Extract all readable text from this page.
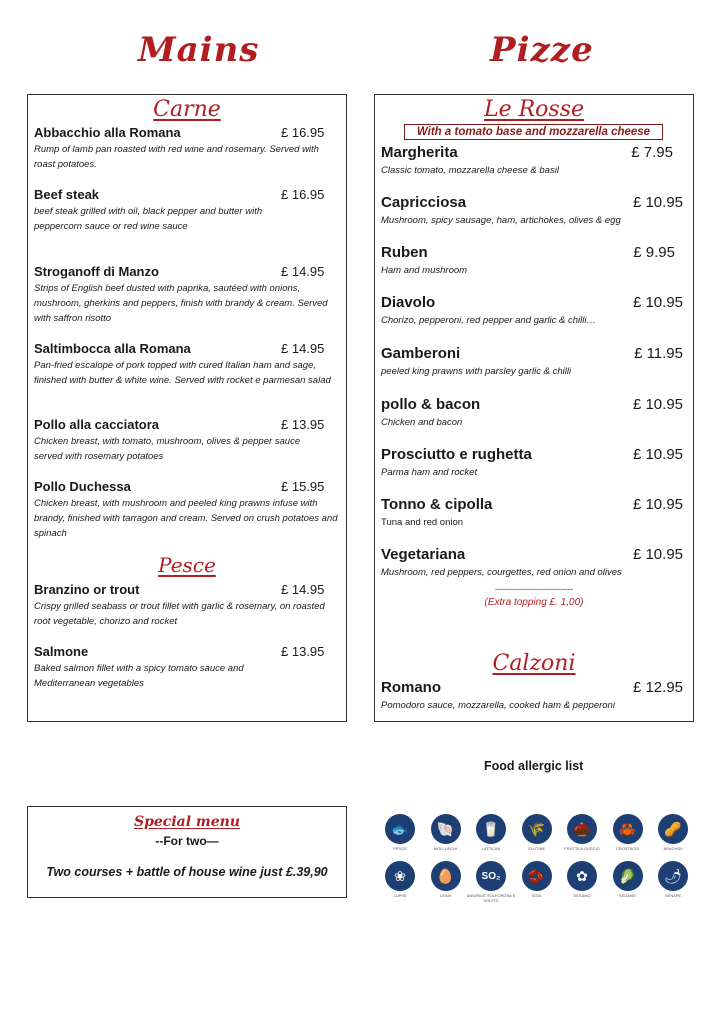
Mains	Pizze
Carne
Abbacchio alla Romana	£ 16.95
Rump of lamb pan roasted with red wine and rosemary. Served with roast potatoes.
Beef steak	£ 16.95
beef steak grilled with oil, black pepper and butter with peppercorn sauce or red wine sauce
Stroganoff di Manzo	£ 14.95
Strips of English beef dusted with paprika, sautéed with onions, mushroom, gherkins and peppers, finish with brandy & cream. Served with saffron risotto
Saltimbocca alla Romana	£ 14.95
Pan-fried escalope of pork topped with cured Italian ham and sage, finished with butter & white wine. Served with rocket e parmesan salad
Pollo alla cacciatora	£ 13.95
Chicken breast, with tomato, mushroom, olives & pepper sauce served with rosemary potatoes
Pollo Duchessa	£ 15.95
Chicken breast, with mushroom and peeled king prawns infuse with brandy, finished with tarragon and cream. Served on crush potatoes and spinach
Pesce
Branzino or trout	£ 14.95
Crispy grilled seabass or trout fillet with garlic & rosemary, on roasted root vegetable, chorizo and rocket
Salmone	£ 13.95
Baked salmon fillet with a spicy tomato sauce and Mediterranean vegetables
Le Rosse
With a tomato base and mozzarella cheese
Margherita	£ 7.95
Classic tomato, mozzarella cheese & basil
Capricciosa	£ 10.95
Mushroom, spicy sausage, ham, artichokes, olives & egg
Ruben	£ 9.95
Ham and mushroom
Diavolo	£ 10.95
Chorizo, pepperoni, red pepper and garlic & chilli…
Gamberoni	£ 11.95
peeled king prawns with parsley garlic & chilli
pollo & bacon	£ 10.95
Chicken and bacon
Prosciutto e rughetta	£ 10.95
Parma ham and rocket
Tonno & cipolla	£ 10.95
Tuna and red onion
Vegetariana	£ 10.95
Mushroom, red peppers, courgettes, red onion and olives
--------------------------
(Extra topping £. 1,00)
Calzoni
Romano	£ 12.95
Pomodoro sauce, mozzarella, cooked ham & pepperoni
Special menu
--For two—
Two courses + battle of house wine just £.39,90
Food allergic list
🐟
PESCE
🐚
MOLLUSCHI
🥛
LATTICINI
🌾
GLUTINE
🌰
FRUTTA A GUSCIO
🦀
CROSTACEI
🥜
ARACHIDI
❀
LUPINI
🥚
UOVA
SO₂
ANIDRIDE SOLFOROSA E SOLFITI
🫘
SOIA
✿
SESAMO
🥬
SEDANO
🌶
SENAPE
